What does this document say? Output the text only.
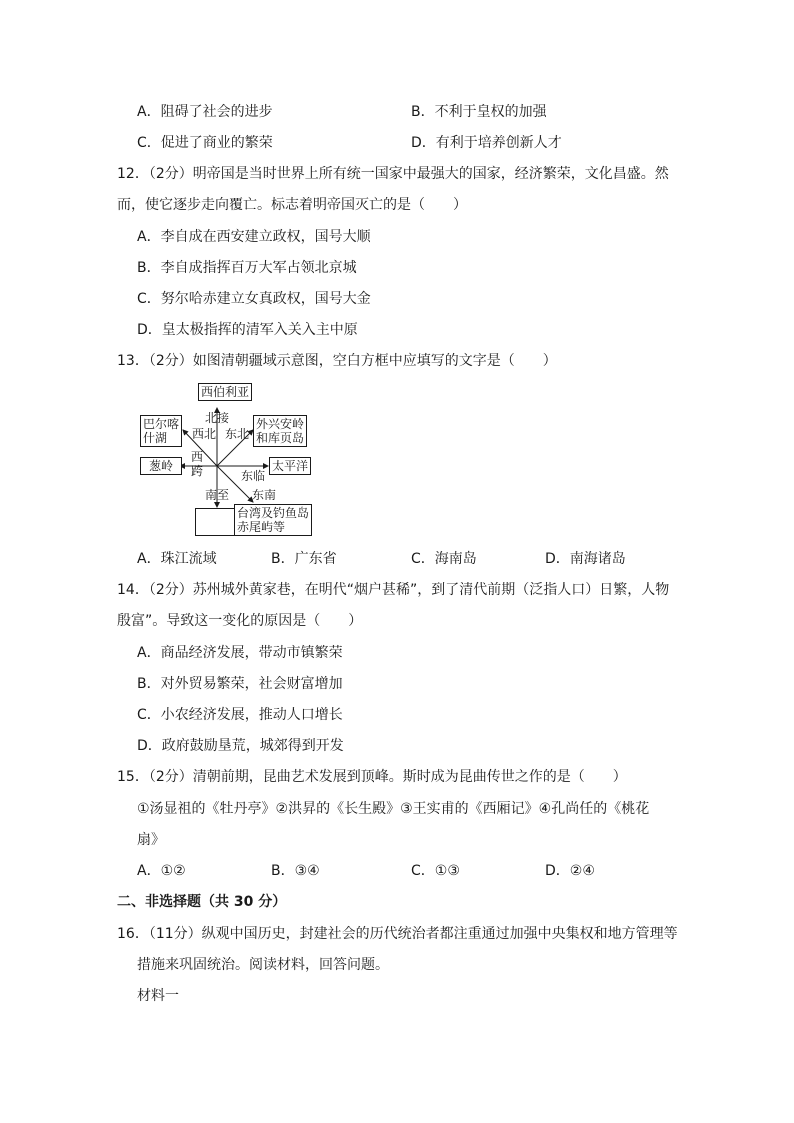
A．阻碍了社会的进步	B．不利于皇权的加强
C．促进了商业的繁荣	D．有利于培养创新人才
12．（2分）明帝国是当时世界上所有统一国家中最强大的国家，经济繁荣，文化昌盛。然
而，使它逐步走向覆亡。标志着明帝国灭亡的是（　　）
A．李自成在西安建立政权，国号大顺
B．李自成指挥百万大军占领北京城
C．努尔哈赤建立女真政权，国号大金
D．皇太极指挥的清军入关入主中原
13．（2分）如图清朝疆域示意图，空白方框中应填写的文字是（　　）
西伯利亚
北接
巴尔喀
什湖	西北 东北
外兴安岭
和库页岛
葱岭
西跨	太平洋
东临
南至 东南
台湾及钓鱼岛
赤尾屿等
A．珠江流域	B．广东省	C．海南岛	D．南海诸岛
14．（2分）苏州城外黄家巷，在明代“烟户甚稀”，到了清代前期（泛指人口）日繁，人物
殷富”。导致这一变化的原因是（　　）
A．商品经济发展，带动市镇繁荣
B．对外贸易繁荣，社会财富增加
C．小农经济发展，推动人口增长
D．政府鼓励垦荒，城郊得到开发
15．（2分）清朝前期，昆曲艺术发展到顶峰。斯时成为昆曲传世之作的是（　　）
①汤显祖的《牡丹亭》②洪昇的《长生殿》③王实甫的《西厢记》④孔尚任的《桃花
扇》
A．①②	B．③④	C．①③	D．②④
二、非选择题（共 30 分）
16．（11分）纵观中国历史，封建社会的历代统治者都注重通过加强中央集权和地方管理等
措施来巩固统治。阅读材料，回答问题。
材料一
